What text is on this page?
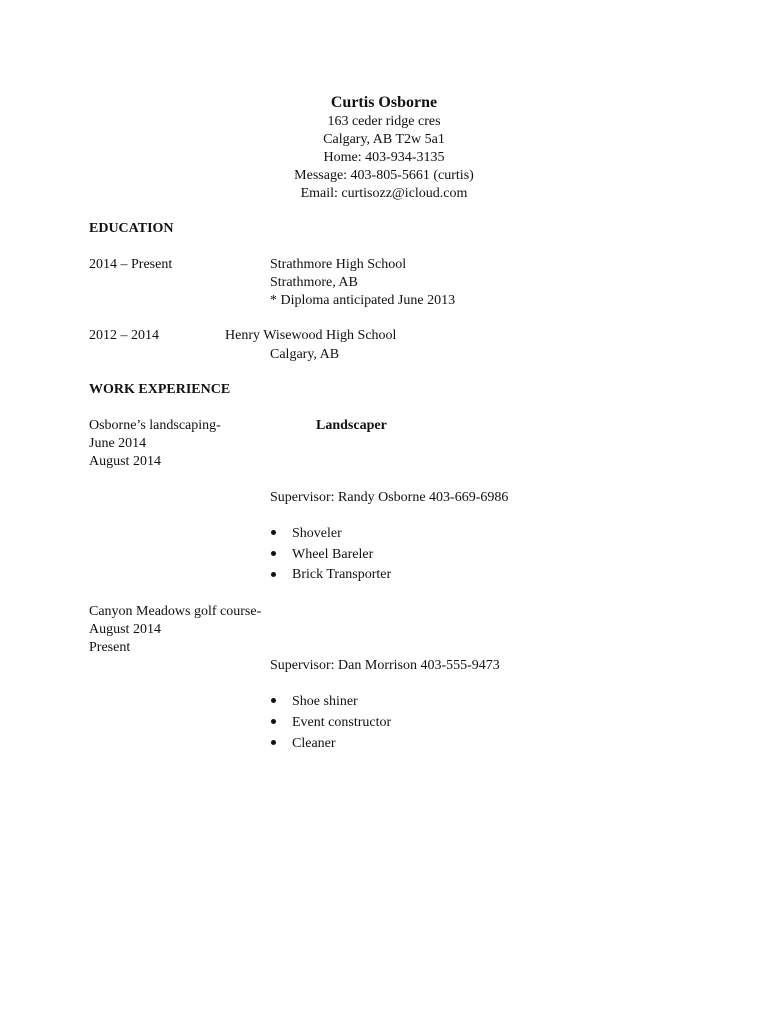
Curtis Osborne
163 ceder ridge cres
Calgary, AB T2w 5a1
Home: 403-934-3135
Message: 403-805-5661 (curtis)
Email: curtisozz@icloud.com
EDUCATION
2014 – Present	Strathmore High School
Strathmore, AB
* Diploma anticipated June 2013
2012 – 2014	Henry Wisewood High School
Calgary, AB
WORK EXPERIENCE
Osborne’s landscaping-	Landscaper
June 2014
August 2014
Supervisor: Randy Osborne 403-669-6986
Shoveler
Wheel Bareler
Brick Transporter
Canyon Meadows golf course-
August 2014
Present
Supervisor: Dan Morrison 403-555-9473
Shoe shiner
Event constructor
Cleaner
